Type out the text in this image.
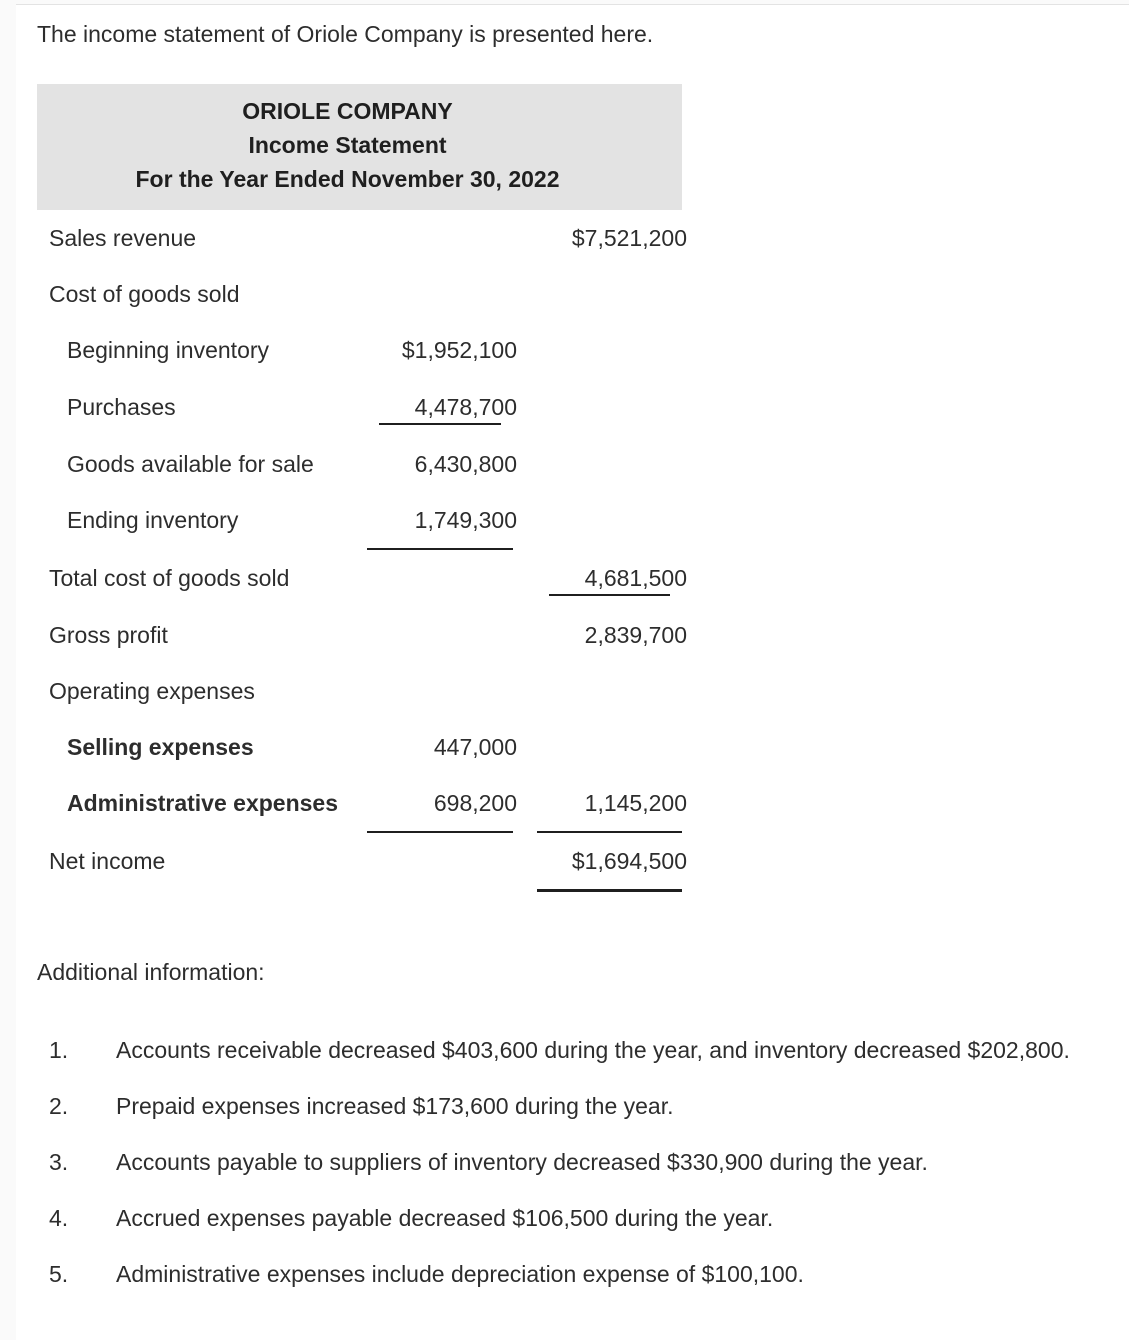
The income statement of Oriole Company is presented here.
ORIOLE COMPANY
Income Statement
For the Year Ended November 30, 2022
Sales revenue	$7,521,200
Cost of goods sold
Beginning inventory	$1,952,100
Purchases	4,478,700
Goods available for sale	6,430,800
Ending inventory	1,749,300
Total cost of goods sold	4,681,500
Gross profit	2,839,700
Operating expenses
Selling expenses	447,000
Administrative expenses	698,200	1,145,200
Net income	$1,694,500
Additional information:
1. Accounts receivable decreased $403,600 during the year, and inventory decreased $202,800.
2. Prepaid expenses increased $173,600 during the year.
3. Accounts payable to suppliers of inventory decreased $330,900 during the year.
4. Accrued expenses payable decreased $106,500 during the year.
5. Administrative expenses include depreciation expense of $100,100.
